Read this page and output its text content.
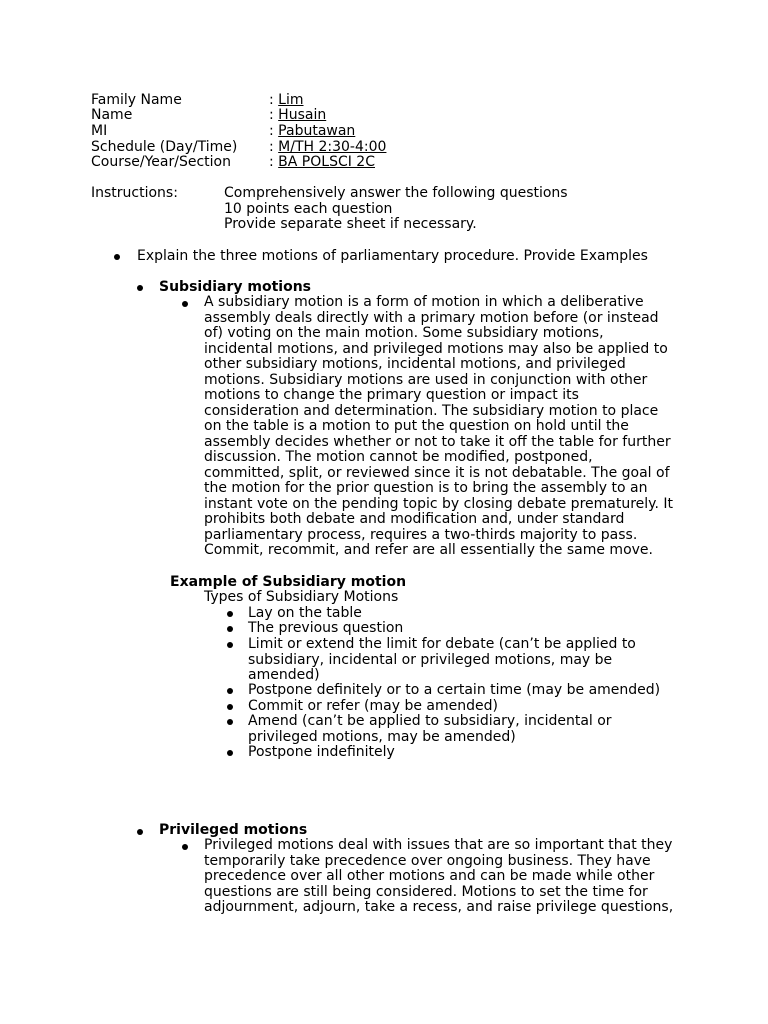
Family Name	: Lim
Name	: Husain
MI	: Pabutawan
Schedule (Day/Time) : M/TH 2:30-4:00
Course/Year/Section	: BA POLSCI 2C
Instructions:	Comprehensively answer the following questions
10 points each question
Provide separate sheet if necessary.
Explain the three motions of parliamentary procedure. Provide Examples
Subsidiary motions
A subsidiary motion is a form of motion in which a deliberative
assembly deals directly with a primary motion before (or instead
of) voting on the main motion. Some subsidiary motions,
incidental motions, and privileged motions may also be applied to
other subsidiary motions, incidental motions, and privileged
motions. Subsidiary motions are used in conjunction with other
motions to change the primary question or impact its
consideration and determination. The subsidiary motion to place
on the table is a motion to put the question on hold until the
assembly decides whether or not to take it off the table for further
discussion. The motion cannot be modified, postponed,
committed, split, or reviewed since it is not debatable. The goal of
the motion for the prior question is to bring the assembly to an
instant vote on the pending topic by closing debate prematurely. It
prohibits both debate and modification and, under standard
parliamentary process, requires a two-thirds majority to pass.
Commit, recommit, and refer are all essentially the same move.
Example of Subsidiary motion
Types of Subsidiary Motions
Lay on the table
The previous question
Limit or extend the limit for debate (can’t be applied to
subsidiary, incidental or privileged motions, may be
amended)
Postpone definitely or to a certain time (may be amended)
Commit or refer (may be amended)
Amend (can’t be applied to subsidiary, incidental or
privileged motions, may be amended)
Postpone indefinitely
Privileged motions
Privileged motions deal with issues that are so important that they
temporarily take precedence over ongoing business. They have
precedence over all other motions and can be made while other
questions are still being considered. Motions to set the time for
adjournment, adjourn, take a recess, and raise privilege questions,
